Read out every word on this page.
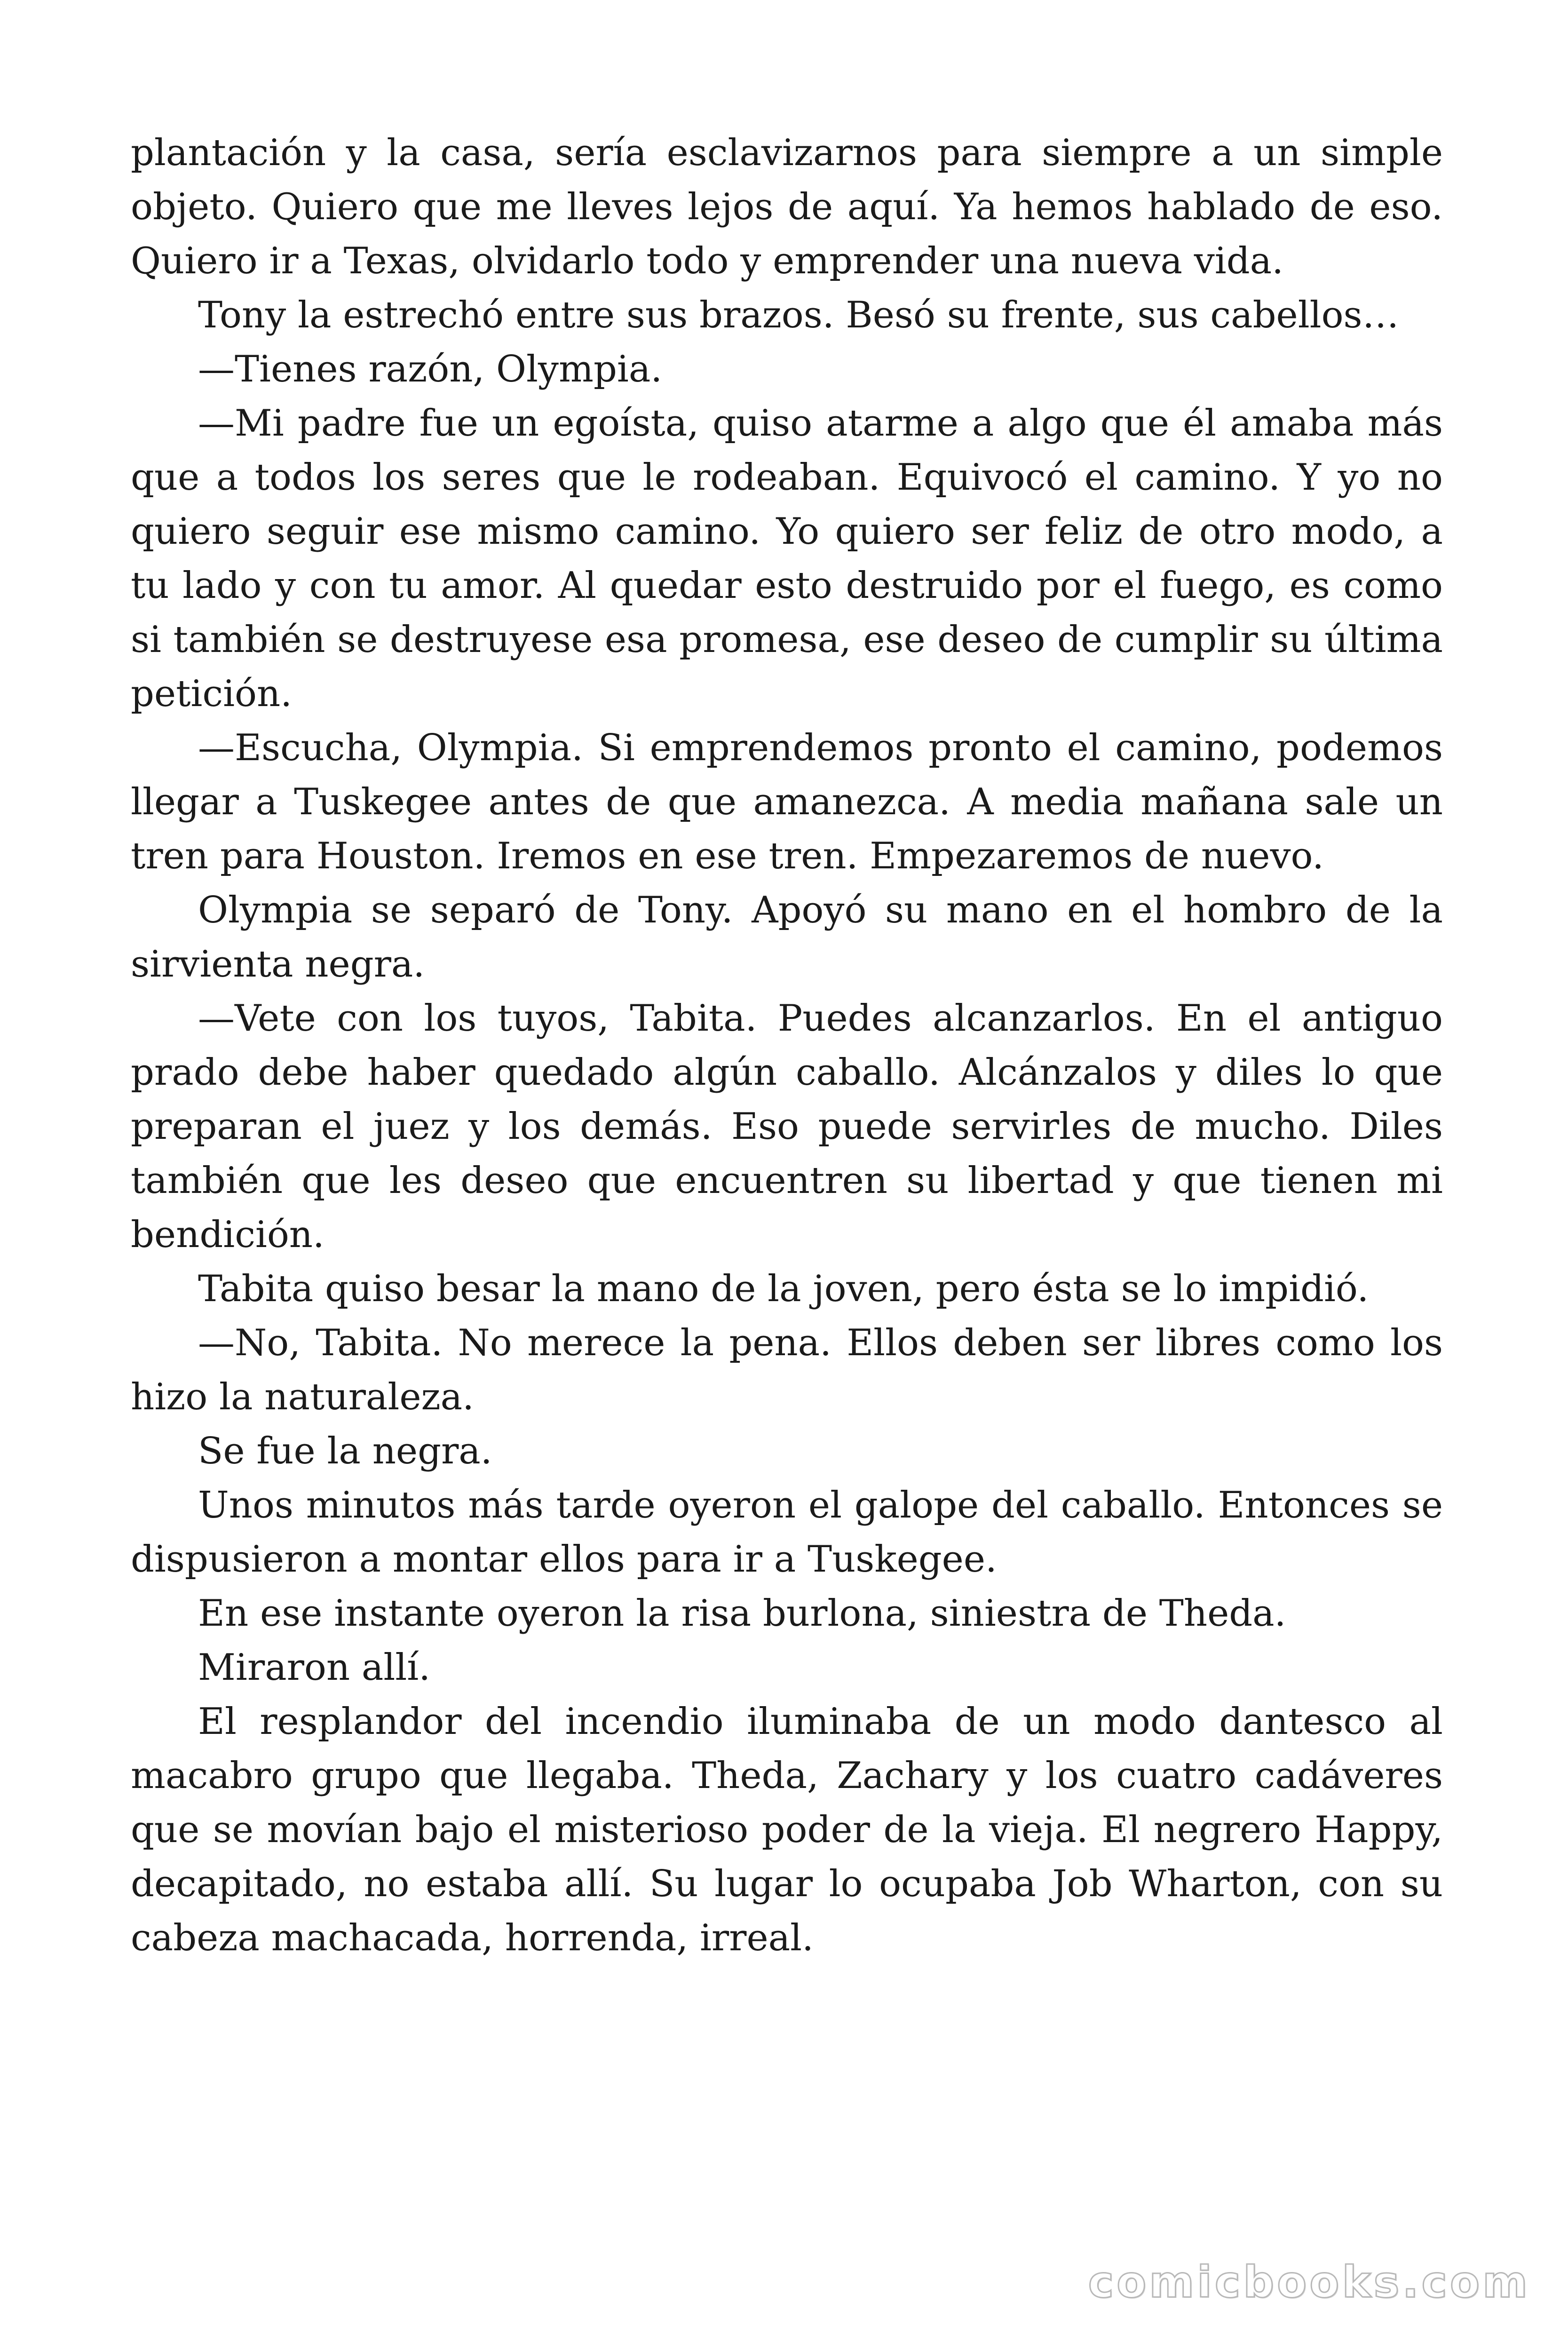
plantación y la casa, sería esclavizarnos para siempre a un simple objeto. Quiero que me lleves lejos de aquí. Ya hemos hablado de eso. Quiero ir a Texas, olvidarlo todo y emprender una nueva vida.

Tony la estrechó entre sus brazos. Besó su frente, sus cabellos…

—Tienes razón, Olympia.

—Mi padre fue un egoísta, quiso atarme a algo que él amaba más que a todos los seres que le rodeaban. Equivocó el camino. Y yo no quiero seguir ese mismo camino. Yo quiero ser feliz de otro modo, a tu lado y con tu amor. Al quedar esto destruido por el fuego, es como si también se destruyese esa promesa, ese deseo de cumplir su última petición.

—Escucha, Olympia. Si emprendemos pronto el camino, podemos llegar a Tuskegee antes de que amanezca. A media mañana sale un tren para Houston. Iremos en ese tren. Empezaremos de nuevo.

Olympia se separó de Tony. Apoyó su mano en el hombro de la sirvienta negra.

—Vete con los tuyos, Tabita. Puedes alcanzarlos. En el antiguo prado debe haber quedado algún caballo. Alcánzalos y diles lo que preparan el juez y los demás. Eso puede servirles de mucho. Diles también que les deseo que encuentren su libertad y que tienen mi bendición.

Tabita quiso besar la mano de la joven, pero ésta se lo impidió.

—No, Tabita. No merece la pena. Ellos deben ser libres como los hizo la naturaleza.

Se fue la negra.

Unos minutos más tarde oyeron el galope del caballo. Entonces se dispusieron a montar ellos para ir a Tuskegee.

En ese instante oyeron la risa burlona, siniestra de Theda.

Miraron allí.

El resplandor del incendio iluminaba de un modo dantesco al macabro grupo que llegaba. Theda, Zachary y los cuatro cadáveres que se movían bajo el misterioso poder de la vieja. El negrero Happy, decapitado, no estaba allí. Su lugar lo ocupaba Job Wharton, con su cabeza machacada, horrenda, irreal.

comicbooks.com
